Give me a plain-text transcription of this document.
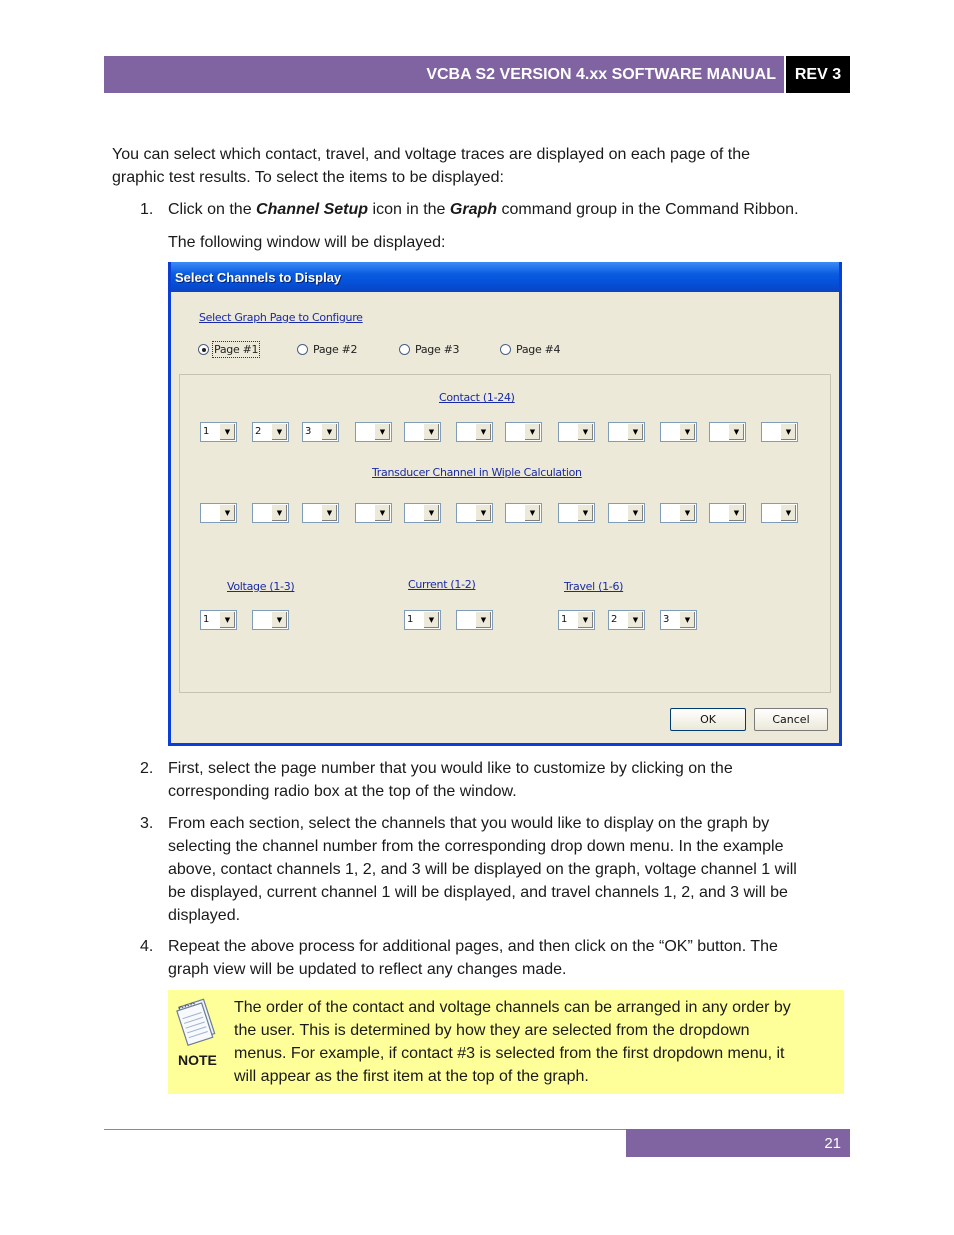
VCBA S2 VERSION 4.xx SOFTWARE MANUAL REV 3
You can select which contact, travel, and voltage traces are displayed on each page of the
graphic test results. To select the items to be displayed:
1. Click on the Channel Setup icon in the Graph command group in the Command Ribbon.
The following window will be displayed:
Select Channels to Display
Select Graph Page to Configure
Page #1	Page #2	Page #3	Page #4
Contact (1-24)
Transducer Channel in Wiple Calculation
Voltage (1-3)	Current (1-2)	Travel (1-6)
OK	Cancel
1	▼	2	▼	3	▼	▼	▼	▼	▼	▼	▼	▼	▼	▼
▼	▼	▼	▼	▼	▼	▼	▼	▼	▼	▼	▼
1	▼	▼	1	▼	▼	1	▼	2	▼	3	▼
2. First, select the page number that you would like to customize by clicking on the
corresponding radio box at the top of the window.
3. From each section, select the channels that you would like to display on the graph by
selecting the channel number from the corresponding drop down menu. In the example
above, contact channels 1, 2, and 3 will be displayed on the graph, voltage channel 1 will
be displayed, current channel 1 will be displayed, and travel channels 1, 2, and 3 will be
displayed.
4. Repeat the above process for additional pages, and then click on the “OK” button. The
graph view will be updated to reflect any changes made.
NOTE
The order of the contact and voltage channels can be arranged in any order by
the user. This is determined by how they are selected from the dropdown
menus. For example, if contact #3 is selected from the first dropdown menu, it
will appear as the first item at the top of the graph.
21
